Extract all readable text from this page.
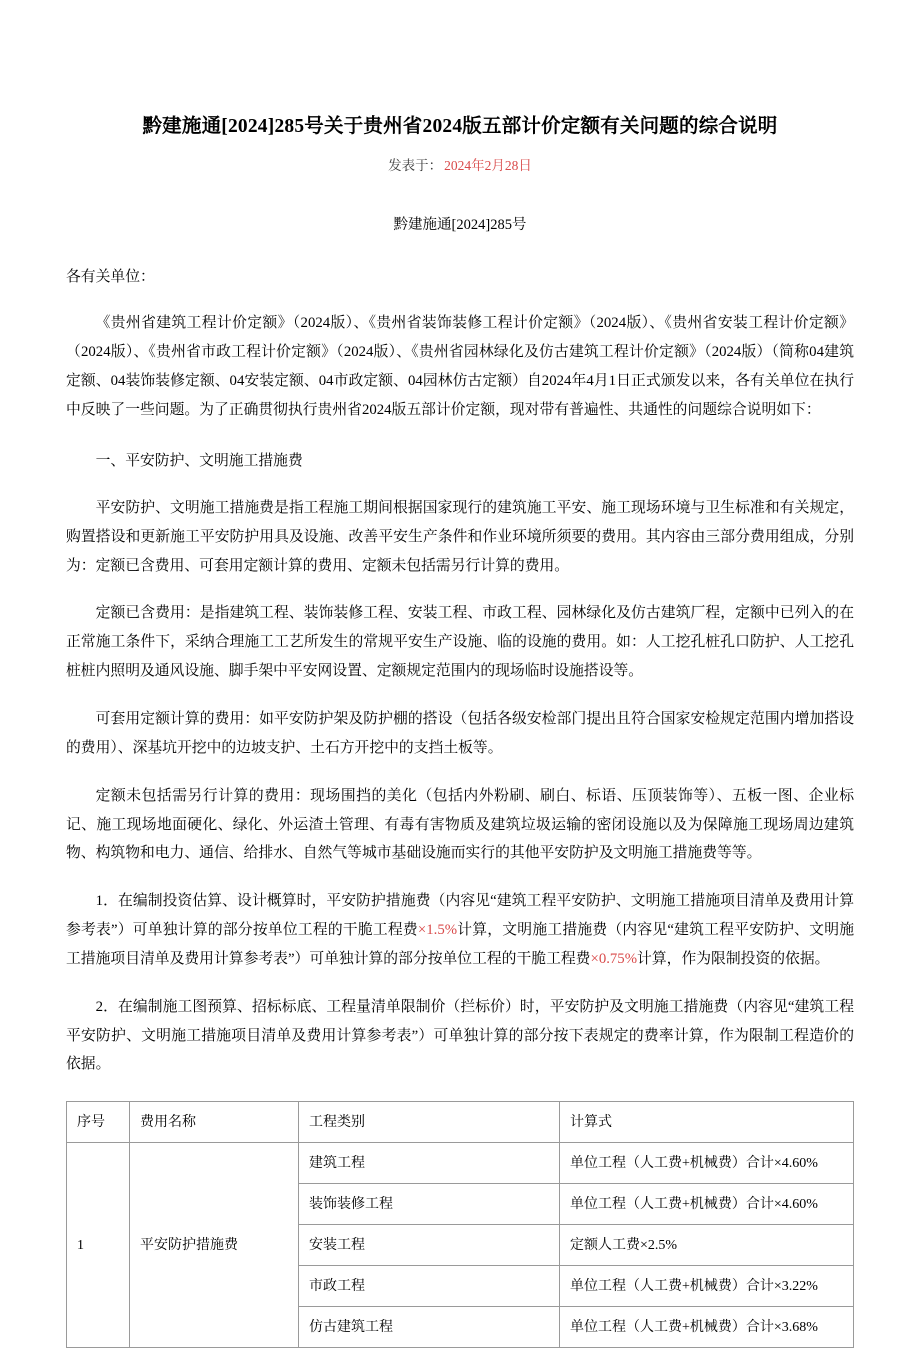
黔建施通[2024]285号关于贵州省2024版五部计价定额有关问题的综合说明
发表于： 2024年2月28日
黔建施通[2024]285号
各有关单位：

《贵州省建筑工程计价定额》（2024版）、《贵州省装饰装修工程计价定额》（2024版）、《贵州省安装工程计价定额》（2024版）、《贵州省市政工程计价定额》（2024版）、《贵州省园林绿化及仿古建筑工程计价定额》（2024版）（简称04建筑定额、04装饰装修定额、04安装定额、04市政定额、04园林仿古定额）自2024年4月1日正式颁发以来，各有关单位在执行中反映了一些问题。为了正确贯彻执行贵州省2024版五部计价定额，现对带有普遍性、共通性的问题综合说明如下：

一、平安防护、文明施工措施费

平安防护、文明施工措施费是指工程施工期间根据国家现行的建筑施工平安、施工现场环境与卫生标准和有关规定，购置搭设和更新施工平安防护用具及设施、改善平安生产条件和作业环境所须要的费用。其内容由三部分费用组成，分别为：定额已含费用、可套用定额计算的费用、定额未包括需另行计算的费用。

定额已含费用：是指建筑工程、装饰装修工程、安装工程、市政工程、园林绿化及仿古建筑厂程，定额中已列入的在正常施工条件下，采纳合理施工工艺所发生的常规平安生产设施、临的设施的费用。如：人工挖孔桩孔口防护、人工挖孔桩桩内照明及通风设施、脚手架中平安网设置、定额规定范围内的现场临时设施搭设等。

可套用定额计算的费用：如平安防护架及防护棚的搭设（包括各级安检部门提出且符合国家安检规定范围内增加搭设的费用）、深基坑开挖中的边坡支护、土石方开挖中的支挡土板等。

定额未包括需另行计算的费用：现场围挡的美化（包括内外粉刷、刷白、标语、压顶装饰等）、五板一图、企业标记、施工现场地面硬化、绿化、外运渣土管理、有毒有害物质及建筑垃圾运输的密闭设施以及为保障施工现场周边建筑物、构筑物和电力、通信、给排水、自然气等城市基础设施而实行的其他平安防护及文明施工措施费等等。

1．在编制投资估算、设计概算时，平安防护措施费（内容见“建筑工程平安防护、文明施工措施项目清单及费用计算参考表”）可单独计算的部分按单位工程的干脆工程费×1.5%计算，文明施工措施费（内容见“建筑工程平安防护、文明施工措施项目清单及费用计算参考表”）可单独计算的部分按单位工程的干脆工程费×0.75%计算，作为限制投资的依据。

2．在编制施工图预算、招标标底、工程量清单限制价（拦标价）时，平安防护及文明施工措施费（内容见“建筑工程平安防护、文明施工措施项目清单及费用计算参考表”）可单独计算的部分按下表规定的费率计算，作为限制工程造价的依据。

序号	费用名称	工程类别	计算式
1	平安防护措施费	建筑工程	单位工程（人工费+机械费）合计×4.60%
		装饰装修工程	单位工程（人工费+机械费）合计×4.60%
		安装工程	定额人工费×2.5%
		市政工程	单位工程（人工费+机械费）合计×3.22%
		仿古建筑工程	单位工程（人工费+机械费）合计×3.68%
